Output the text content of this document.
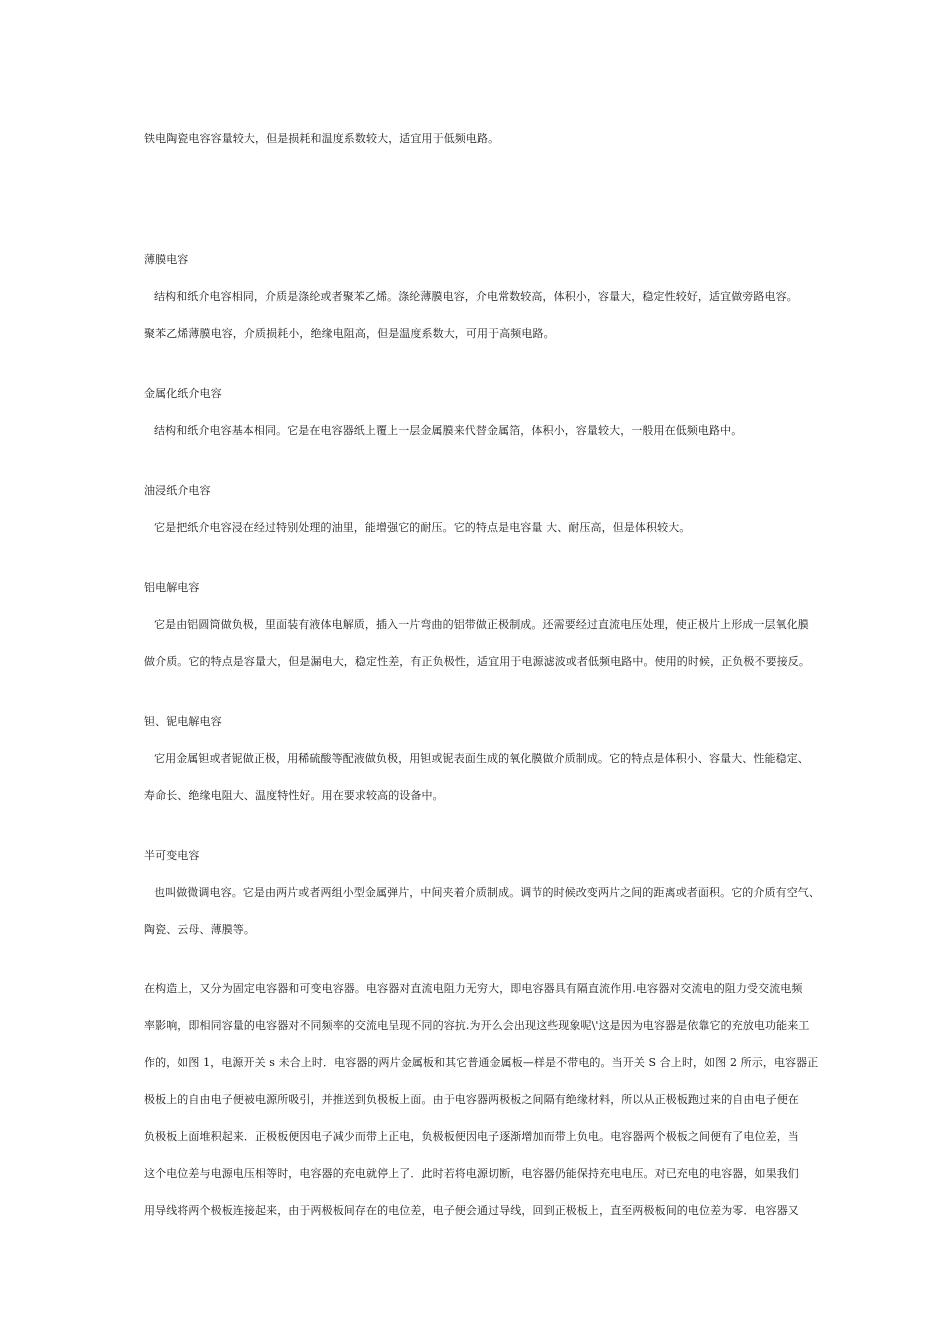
铁电陶瓷电容容量较大，但是损耗和温度系数较大，适宜用于低频电路。
薄膜电容
结构和纸介电容相同，介质是涤纶或者聚苯乙烯。涤纶薄膜电容，介电常数较高，体积小，容量大，稳定性较好，适宜做旁路电容。
聚苯乙烯薄膜电容，介质损耗小，绝缘电阻高，但是温度系数大，可用于高频电路。
金属化纸介电容
结构和纸介电容基本相同。它是在电容器纸上覆上一层金属膜来代替金属箔，体积小，容量较大，一般用在低频电路中。
油浸纸介电容
它是把纸介电容浸在经过特别处理的油里，能增强它的耐压。它的特点是电容量 大、耐压高，但是体积较大。
铝电解电容
它是由铝圆筒做负极，里面装有液体电解质，插入一片弯曲的铝带做正极制成。还需要经过直流电压处理，使正极片上形成一层氧化膜
做介质。它的特点是容量大，但是漏电大，稳定性差，有正负极性，适宜用于电源滤波或者低频电路中。使用的时候，正负极不要接反。
钽、铌电解电容
它用金属钽或者铌做正极，用稀硫酸等配液做负极，用钽或铌表面生成的氧化膜做介质制成。它的特点是体积小、容量大、性能稳定、
寿命长、绝缘电阻大、温度特性好。用在要求较高的设备中。
半可变电容
也叫做微调电容。它是由两片或者两组小型金属弹片，中间夹着介质制成。调节的时候改变两片之间的距离或者面积。它的介质有空气、
陶瓷、云母、薄膜等。
在构造上，又分为固定电容器和可变电容器。电容器对直流电阻力无穷大，即电容器具有隔直流作用.电容器对交流电的阻力受交流电频
率影响，即相同容量的电容器对不同频率的交流电呈现不同的容抗.为开么会出现这些现象呢\'这是因为电容器是依靠它的充放电功能来工
作的，如图 1，电源开关 s 未合上时．电容器的两片金属板和其它普通金属板—样是不带电的。当开关 S 合上时，如图 2 所示，电容器正
极板上的自由电子便被电源所吸引，并推送到负极板上面。由于电容器两极板之间隔有绝缘材料，所以从正极板跑过来的自由电子便在
负极板上面堆积起来．正极板便因电子减少而带上正电，负极板便因电子逐渐增加而带上负电。电容器两个极板之间便有了电位差，当
这个电位差与电源电压相等时，电容器的充电就停上了．此时若将电源切断，电容器仍能保持充电电压。对已充电的电容器，如果我们
用导线将两个极板连接起来，由于两极板间存在的电位差，电子便会通过导线，回到正极板上，直至两极板间的电位差为零．电容器又
